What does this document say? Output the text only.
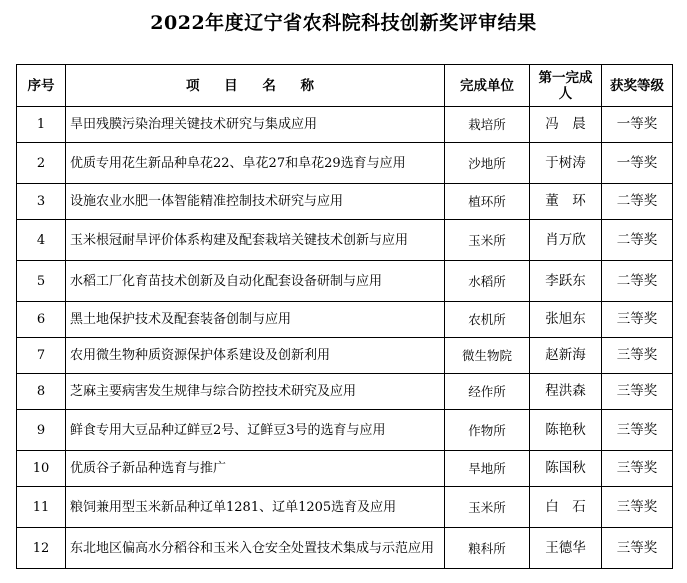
2022年度辽宁省农科院科技创新奖评审结果
序号	项 目 名 称	完成单位	第一完成人	获奖等级
1	旱田残膜污染治理关键技术研究与集成应用	栽培所	冯　晨	一等奖
2	优质专用花生新品种阜花22、阜花27和阜花29选育与应用	沙地所	于树涛	一等奖
3	设施农业水肥一体智能精准控制技术研究与应用	植环所	董　环	二等奖
4	玉米根冠耐旱评价体系构建及配套栽培关键技术创新与应用	玉米所	肖万欣	二等奖
5	水稻工厂化育苗技术创新及自动化配套设备研制与应用	水稻所	李跃东	二等奖
6	黑土地保护技术及配套装备创制与应用	农机所	张旭东	三等奖
7	农用微生物种质资源保护体系建设及创新利用	微生物院	赵新海	三等奖
8	芝麻主要病害发生规律与综合防控技术研究及应用	经作所	程洪森	三等奖
9	鲜食专用大豆品种辽鲜豆2号、辽鲜豆3号的选育与应用	作物所	陈艳秋	三等奖
10	优质谷子新品种选育与推广	旱地所	陈国秋	三等奖
11	粮饲兼用型玉米新品种辽单1281、辽单1205选育及应用	玉米所	白　石	三等奖
12	东北地区偏高水分稻谷和玉米入仓安全处置技术集成与示范应用	粮科所	王德华	三等奖
